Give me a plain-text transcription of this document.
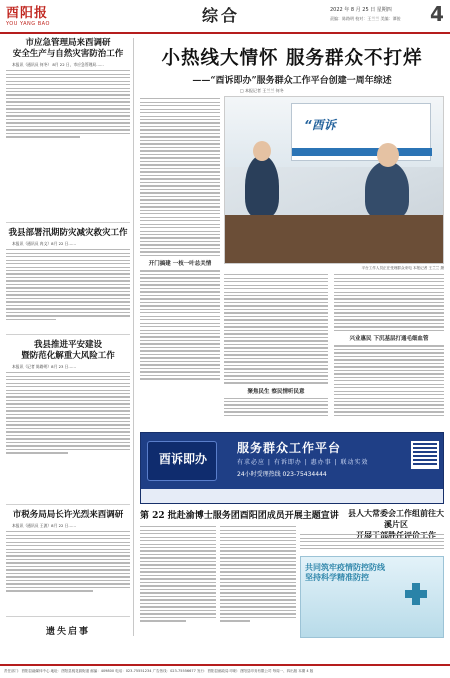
酉阳报
YOU YANG BAO	综合	2022 年 8 月 25 日 星期四
责编：陈路明 校对：王兰兰 美编：谭骏 4
市应急管理局来酉调研
安全生产与自然灾害防治工作
本报讯（通讯员 何冬） 8月 22 日，市应急管理局……
我县部署汛期防灾减灾救灾工作
本报讯（通讯员 冉文）8月 22 日……
我县推进平安建设
暨防范化解重大风险工作
本报讯（记者 陈路明）8月 23 日……
市税务局局长许光烈来酉调研
本报讯（通讯员 王波）8月 22 日……
遗失启事
小热线大情怀 服务群众不打烊
——“酉诉即办”服务群众工作平台创建一周年综述
□ 本报记者 王兰兰 何冬
开门搞建 一枝一叶总关情
聚焦民生 察民情听民意
兴业惠民 下沉基层打通毛细血管
“酉诉
平台工作人员正在受理群众来电 本报记者 王兰兰 摄
酉诉即办
服务群众工作平台
有求必应 | 有诉即办 | 惠办事 | 联动实效
24小时受理热线 023-75434444
第 22 批赴渝博士服务团酉阳团成员开展主题宣讲 县人大常委会工作组前往大溪片区

共同筑牢疫情防控防线 坚持科学精准防控
责任部门：酉阳县融媒体中心 地址：酉阳县桃花源街道 邮编：409800 电话：023-75551234 广告热线：023-75556677 发行：酉阳县邮政局 印刷：酉阳县印务有限公司 每周一、四出版 本期 4 版
